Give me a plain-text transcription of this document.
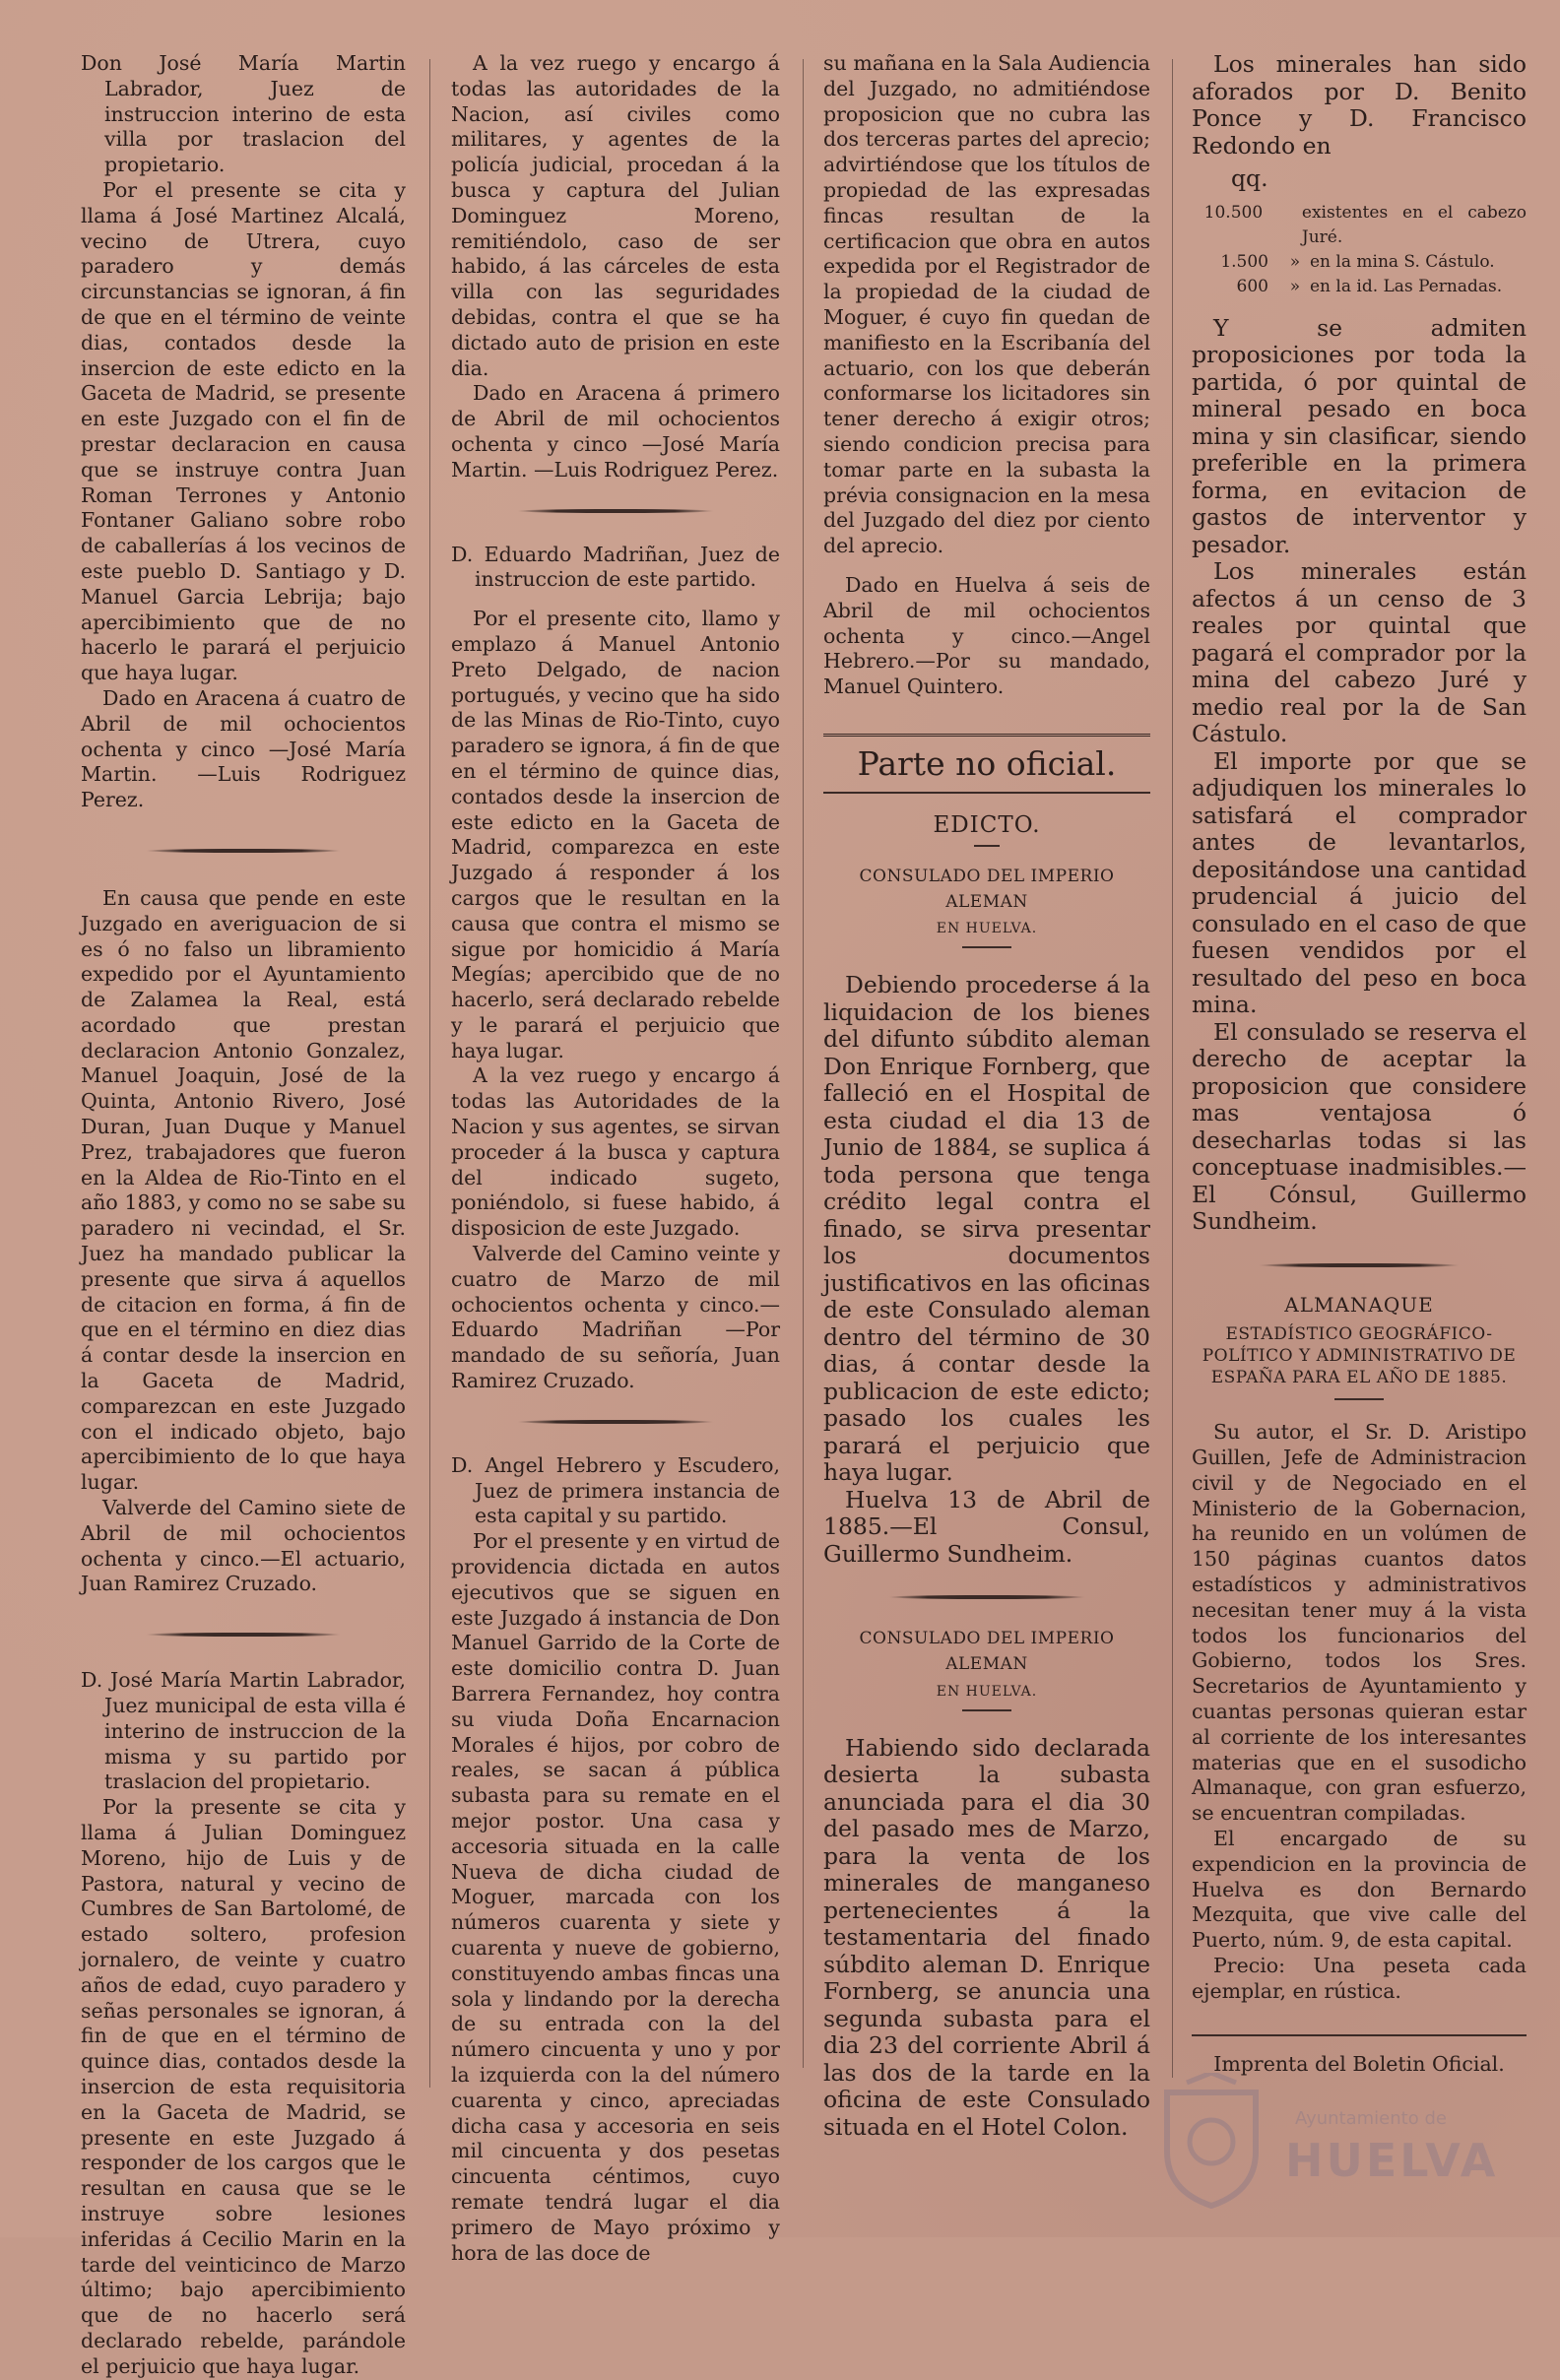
Don José María Martin Labrador, Juez de instruccion interino de esta villa por traslacion del propietario.

Por el presente se cita y llama á José Martinez Alcalá, vecino de Utrera, cuyo paradero y demás circunstancias se ignoran, á fin de que en el término de veinte dias, contados desde la insercion de este edicto en la Gaceta de Madrid, se presente en este Juzgado con el fin de prestar declaracion en causa que se instruye contra Juan Roman Terrones y Antonio Fontaner Galiano sobre robo de caballerías á los vecinos de este pueblo D. Santiago y D. Manuel Garcia Lebrija; bajo apercibimiento que de no hacerlo le parará el perjuicio que haya lugar.

Dado en Aracena á cuatro de Abril de mil ochocientos ochenta y cinco —José María Martin. —Luis Rodriguez Perez.

En causa que pende en este Juzgado en averiguacion de si es ó no falso un libramiento expedido por el Ayuntamiento de Zalamea la Real, está acordado que prestan declaracion Antonio Gonzalez, Manuel Joaquin, José de la Quinta, Antonio Rivero, José Duran, Juan Duque y Manuel Prez, trabajadores que fueron en la Aldea de Rio-Tinto en el año 1883, y como no se sabe su paradero ni vecindad, el Sr. Juez ha mandado publicar la presente que sirva á aquellos de citacion en forma, á fin de que en el término en diez dias á contar desde la insercion en la Gaceta de Madrid, comparezcan en este Juzgado con el indicado objeto, bajo apercibimiento de lo que haya lugar.

Valverde del Camino siete de Abril de mil ochocientos ochenta y cinco.—El actuario, Juan Ramirez Cruzado.

D. José María Martin Labrador, Juez municipal de esta villa é interino de instruccion de la misma y su partido por traslacion del propietario.

Por la presente se cita y llama á Julian Dominguez Moreno, hijo de Luis y de Pastora, natural y vecino de Cumbres de San Bartolomé, de estado soltero, profesion jornalero, de veinte y cuatro años de edad, cuyo paradero y señas personales se ignoran, á fin de que en el término de quince dias, contados desde la insercion de esta requisitoria en la Gaceta de Madrid, se presente en este Juzgado á responder de los cargos que le resultan en causa que se le instruye sobre lesiones inferidas á Cecilio Marin en la tarde del veinticinco de Marzo último; bajo apercibimiento que de no hacerlo será declarado rebelde, parándole el perjuicio que haya lugar.

A la vez ruego y encargo á todas las autoridades de la Nacion, así civiles como militares, y agentes de la policía judicial, procedan á la busca y captura del Julian Dominguez Moreno, remitiéndolo, caso de ser habido, á las cárceles de esta villa con las seguridades debidas, contra el que se ha dictado auto de prision en este dia.

Dado en Aracena á primero de Abril de mil ochocientos ochenta y cinco —José María Martin. —Luis Rodriguez Perez.

D. Eduardo Madriñan, Juez de instruccion de este partido.

Por el presente cito, llamo y emplazo á Manuel Antonio Preto Delgado, de nacion portugués, y vecino que ha sido de las Minas de Rio-Tinto, cuyo paradero se ignora, á fin de que en el término de quince dias, contados desde la insercion de este edicto en la Gaceta de Madrid, comparezca en este Juzgado á responder á los cargos que le resultan en la causa que contra el mismo se sigue por homicidio á María Megías; apercibido que de no hacerlo, será declarado rebelde y le parará el perjuicio que haya lugar.

A la vez ruego y encargo á todas las Autoridades de la Nacion y sus agentes, se sirvan proceder á la busca y captura del indicado sugeto, poniéndolo, si fuese habido, á disposicion de este Juzgado.

Valverde del Camino veinte y cuatro de Marzo de mil ochocientos ochenta y cinco.—Eduardo Madriñan —Por mandado de su señoría, Juan Ramirez Cruzado.

D. Angel Hebrero y Escudero, Juez de primera instancia de esta capital y su partido.

Por el presente y en virtud de providencia dictada en autos ejecutivos que se siguen en este Juzgado á instancia de Don Manuel Garrido de la Corte de este domicilio contra D. Juan Barrera Fernandez, hoy contra su viuda Doña Encarnacion Morales é hijos, por cobro de reales, se sacan á pública subasta para su remate en el mejor postor. Una casa y accesoria situada en la calle Nueva de dicha ciudad de Moguer, marcada con los números cuarenta y siete y cuarenta y nueve de gobierno, constituyendo ambas fincas una sola y lindando por la derecha de su entrada con la del número cincuenta y uno y por la izquierda con la del número cuarenta y cinco, apreciadas dicha casa y accesoria en seis mil cincuenta y dos pesetas cincuenta céntimos, cuyo remate tendrá lugar el dia primero de Mayo próximo y hora de las doce de

su mañana en la Sala Audiencia del Juzgado, no admitiéndose proposicion que no cubra las dos terceras partes del aprecio; advirtiéndose que los títulos de propiedad de las expresadas fincas resultan de la certificacion que obra en autos expedida por el Registrador de la propiedad de la ciudad de Moguer, é cuyo fin quedan de manifiesto en la Escribanía del actuario, con los que deberán conformarse los licitadores sin tener derecho á exigir otros; siendo condicion precisa para tomar parte en la subasta la prévia consignacion en la mesa del Juzgado del diez por ciento del aprecio.

Dado en Huelva á seis de Abril de mil ochocientos ochenta y cinco.—Angel Hebrero.—Por su mandado, Manuel Quintero.

Parte no oficial.
EDICTO.
CONSULADO DEL IMPERIO ALEMAN
EN HUELVA.

Debiendo procederse á la liquidacion de los bienes del difunto súbdito aleman Don Enrique Fornberg, que falleció en el Hospital de esta ciudad el dia 13 de Junio de 1884, se suplica á toda persona que tenga crédito legal contra el finado, se sirva presentar los documentos justificativos en las oficinas de este Consulado aleman dentro del término de 30 dias, á contar desde la publicacion de este edicto; pasado los cuales les parará el perjuicio que haya lugar.

Huelva 13 de Abril de 1885.—El Consul, Guillermo Sundheim.

CONSULADO DEL IMPERIO ALEMAN
EN HUELVA.

Habiendo sido declarada desierta la subasta anunciada para el dia 30 del pasado mes de Marzo, para la venta de los minerales de manganeso pertenecientes á la testamentaria del finado súbdito aleman D. Enrique Fornberg, se anuncia una segunda subasta para el dia 23 del corriente Abril á las dos de la tarde en la oficina de este Consulado situada en el Hotel Colon.

Los minerales han sido aforados por D. Benito Ponce y D. Francisco Redondo en

qq.

10.500	existentes en el cabezo Juré.
1.500	» en la mina S. Cástulo.
600	» en la id. Las Pernadas.

Y se admiten proposiciones por toda la partida, ó por quintal de mineral pesado en boca mina y sin clasificar, siendo preferible en la primera forma, en evitacion de gastos de interventor y pesador.

Los minerales están afectos á un censo de 3 reales por quintal que pagará el comprador por la mina del cabezo Juré y medio real por la de San Cástulo.

El importe por que se adjudiquen los minerales lo satisfará el comprador antes de levantarlos, depositándose una cantidad prudencial á juicio del consulado en el caso de que fuesen vendidos por el resultado del peso en boca mina.

El consulado se reserva el derecho de aceptar la proposicion que considere mas ventajosa ó desecharlas todas si las conceptuase inadmisibles.—El Cónsul, Guillermo Sundheim.

ALMANAQUE
ESTADÍSTICO GEOGRÁFICO-POLÍTICO Y ADMINISTRATIVO DE ESPAÑA PARA EL AÑO DE 1885.

Su autor, el Sr. D. Aristipo Guillen, Jefe de Administracion civil y de Negociado en el Ministerio de la Gobernacion, ha reunido en un volúmen de 150 páginas cuantos datos estadísticos y administrativos necesitan tener muy á la vista todos los funcionarios del Gobierno, todos los Sres. Secretarios de Ayuntamiento y cuantas personas quieran estar al corriente de los interesantes materias que en el susodicho Almanaque, con gran esfuerzo, se encuentran compiladas.

El encargado de su expendicion en la provincia de Huelva es don Bernardo Mezquita, que vive calle del Puerto, núm. 9, de esta capital.

Precio: Una peseta cada ejemplar, en rústica.

Imprenta del Boletin Oficial.

Ayuntamiento de
HUELVA
